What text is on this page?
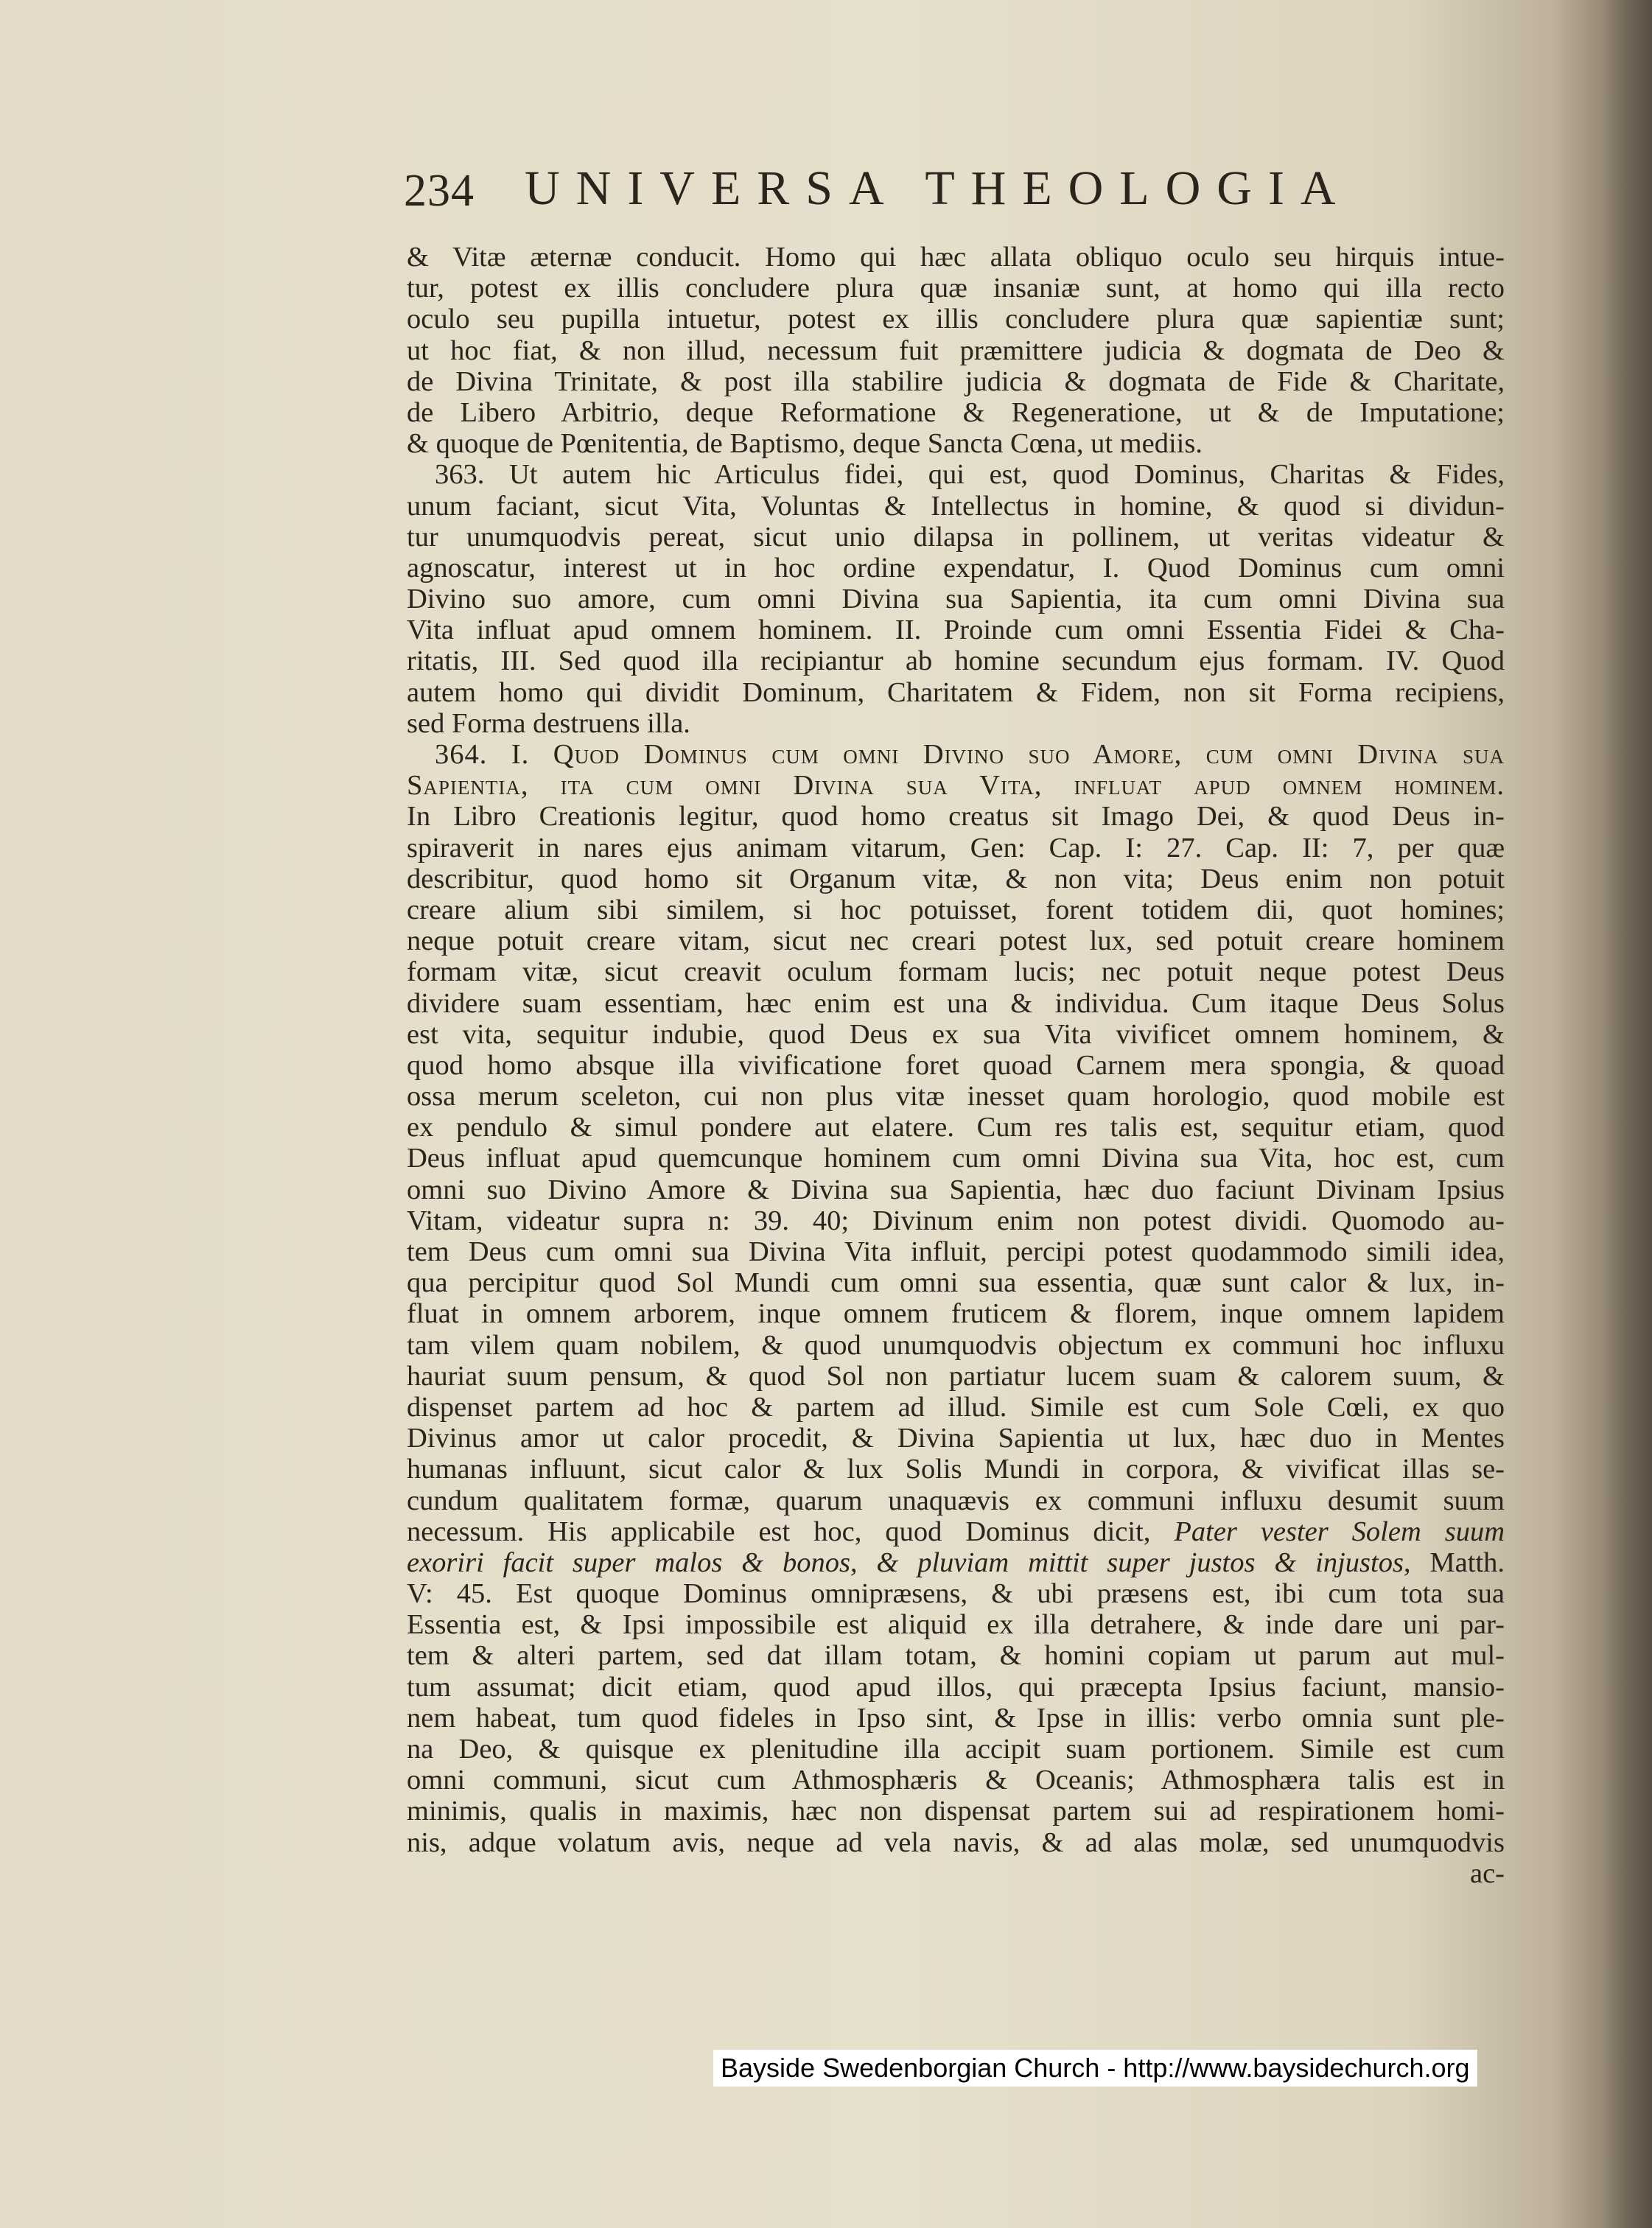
234 UNIVERSA THEOLOGIA
& Vitæ æternæ conducit. Homo qui hæc allata obliquo oculo seu hirquis intue-
tur, potest ex illis concludere plura quæ insaniæ sunt, at homo qui illa recto
oculo seu pupilla intuetur, potest ex illis concludere plura quæ sapientiæ sunt;
ut hoc fiat, & non illud, necessum fuit præmittere judicia & dogmata de Deo &
de Divina Trinitate, & post illa stabilire judicia & dogmata de Fide & Charitate,
de Libero Arbitrio, deque Reformatione & Regeneratione, ut & de Imputatione;
& quoque de Pœnitentia, de Baptismo, deque Sancta Cœna, ut mediis.
363. Ut autem hic Articulus fidei, qui est, quod Dominus, Charitas & Fides,
unum faciant, sicut Vita, Voluntas & Intellectus in homine, & quod si dividun-
tur unumquodvis pereat, sicut unio dilapsa in pollinem, ut veritas videatur &
agnoscatur, interest ut in hoc ordine expendatur, I. Quod Dominus cum omni
Divino suo amore, cum omni Divina sua Sapientia, ita cum omni Divina sua
Vita influat apud omnem hominem. II. Proinde cum omni Essentia Fidei & Cha-
ritatis, III. Sed quod illa recipiantur ab homine secundum ejus formam. IV. Quod
autem homo qui dividit Dominum, Charitatem & Fidem, non sit Forma recipiens,
sed Forma destruens illa.
364. I. Quod Dominus cum omni Divino suo Amore, cum omni Divina sua
Sapientia, ita cum omni Divina sua Vita, influat apud omnem hominem.
In Libro Creationis legitur, quod homo creatus sit Imago Dei, & quod Deus in-
spiraverit in nares ejus animam vitarum, Gen: Cap. I: 27. Cap. II: 7, per quæ
describitur, quod homo sit Organum vitæ, & non vita; Deus enim non potuit
creare alium sibi similem, si hoc potuisset, forent totidem dii, quot homines;
neque potuit creare vitam, sicut nec creari potest lux, sed potuit creare hominem
formam vitæ, sicut creavit oculum formam lucis; nec potuit neque potest Deus
dividere suam essentiam, hæc enim est una & individua. Cum itaque Deus Solus
est vita, sequitur indubie, quod Deus ex sua Vita vivificet omnem hominem, &
quod homo absque illa vivificatione foret quoad Carnem mera spongia, & quoad
ossa merum sceleton, cui non plus vitæ inesset quam horologio, quod mobile est
ex pendulo & simul pondere aut elatere. Cum res talis est, sequitur etiam, quod
Deus influat apud quemcunque hominem cum omni Divina sua Vita, hoc est, cum
omni suo Divino Amore & Divina sua Sapientia, hæc duo faciunt Divinam Ipsius
Vitam, videatur supra n: 39. 40; Divinum enim non potest dividi. Quomodo au-
tem Deus cum omni sua Divina Vita influit, percipi potest quodammodo simili idea,
qua percipitur quod Sol Mundi cum omni sua essentia, quæ sunt calor & lux, in-
fluat in omnem arborem, inque omnem fruticem & florem, inque omnem lapidem
tam vilem quam nobilem, & quod unumquodvis objectum ex communi hoc influxu
hauriat suum pensum, & quod Sol non partiatur lucem suam & calorem suum, &
dispenset partem ad hoc & partem ad illud. Simile est cum Sole Cœli, ex quo
Divinus amor ut calor procedit, & Divina Sapientia ut lux, hæc duo in Mentes
humanas influunt, sicut calor & lux Solis Mundi in corpora, & vivificat illas se-
cundum qualitatem formæ, quarum unaquævis ex communi influxu desumit suum
necessum. His applicabile est hoc, quod Dominus dicit, Pater vester Solem suum
exoriri facit super malos & bonos, & pluviam mittit super justos & injustos, Matth.
V: 45. Est quoque Dominus omnipræsens, & ubi præsens est, ibi cum tota sua
Essentia est, & Ipsi impossibile est aliquid ex illa detrahere, & inde dare uni par-
tem & alteri partem, sed dat illam totam, & homini copiam ut parum aut mul-
tum assumat; dicit etiam, quod apud illos, qui præcepta Ipsius faciunt, mansio-
nem habeat, tum quod fideles in Ipso sint, & Ipse in illis: verbo omnia sunt ple-
na Deo, & quisque ex plenitudine illa accipit suam portionem. Simile est cum
omni communi, sicut cum Athmosphæris & Oceanis; Athmosphæra talis est in
minimis, qualis in maximis, hæc non dispensat partem sui ad respirationem homi-
nis, adque volatum avis, neque ad vela navis, & ad alas molæ, sed unumquodvis
ac-
Bayside Swedenborgian Church - http://www.baysidechurch.org
